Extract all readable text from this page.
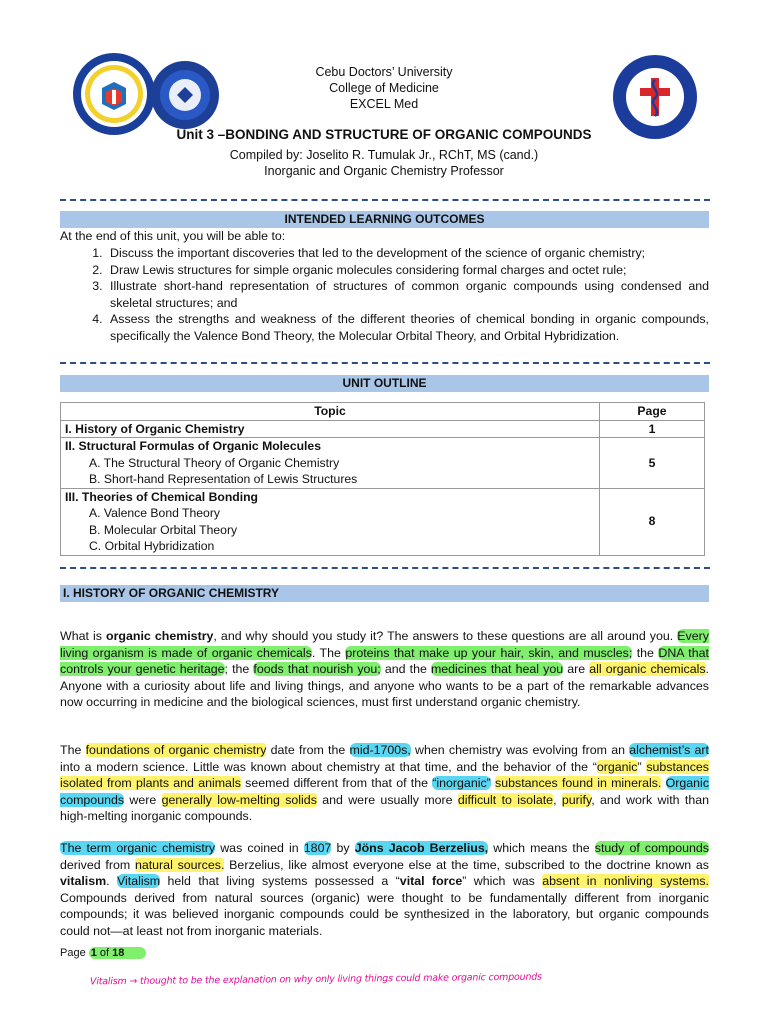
Cebu Doctors’ University
College of Medicine
EXCEL Med
Unit 3 –BONDING AND STRUCTURE OF ORGANIC COMPOUNDS
Compiled by: Joselito R. Tumulak Jr., RChT, MS (cand.)
Inorganic and Organic Chemistry Professor
INTENDED LEARNING OUTCOMES
At the end of this unit, you will be able to:
1. Discuss the important discoveries that led to the development of the science of organic chemistry;
2. Draw Lewis structures for simple organic molecules considering formal charges and octet rule;
3. Illustrate short-hand representation of structures of common organic compounds using condensed and skeletal structures; and
4. Assess the strengths and weakness of the different theories of chemical bonding in organic compounds, specifically the Valence Bond Theory, the Molecular Orbital Theory, and Orbital Hybridization.
UNIT OUTLINE
Topic	Page
I. History of Organic Chemistry	1
II. Structural Formulas of Organic Molecules
A. The Structural Theory of Organic Chemistry
B. Short-hand Representation of Lewis Structures	5
III. Theories of Chemical Bonding
A. Valence Bond Theory
B. Molecular Orbital Theory
C. Orbital Hybridization	8
I. HISTORY OF ORGANIC CHEMISTRY
What is organic chemistry, and why should you study it? The answers to these questions are all around you. Every living organism is made of organic chemicals. The proteins that make up your hair, skin, and muscles; the DNA that controls your genetic heritage; the foods that nourish you; and the medicines that heal you are all organic chemicals. Anyone with a curiosity about life and living things, and anyone who wants to be a part of the remarkable advances now occurring in medicine and the biological sciences, must first understand organic chemistry.
The foundations of organic chemistry date from the mid-1700s, when chemistry was evolving from an alchemist’s art into a modern science. Little was known about chemistry at that time, and the behavior of the “organic” substances isolated from plants and animals seemed different from that of the “inorganic” substances found in minerals. Organic compounds were generally low-melting solids and were usually more difficult to isolate, purify, and work with than high-melting inorganic compounds.
The term organic chemistry was coined in 1807 by Jöns Jacob Berzelius, which means the study of compounds derived from natural sources. Berzelius, like almost everyone else at the time, subscribed to the doctrine known as vitalism. Vitalism held that living systems possessed a “vital force” which was absent in nonliving systems. Compounds derived from natural sources (organic) were thought to be fundamentally different from inorganic compounds; it was believed inorganic compounds could be synthesized in the laboratory, but organic compounds could not—at least not from inorganic materials.
Page 1 of 18
Vitalism → thought to be the explanation on why only living things could make organic compounds
